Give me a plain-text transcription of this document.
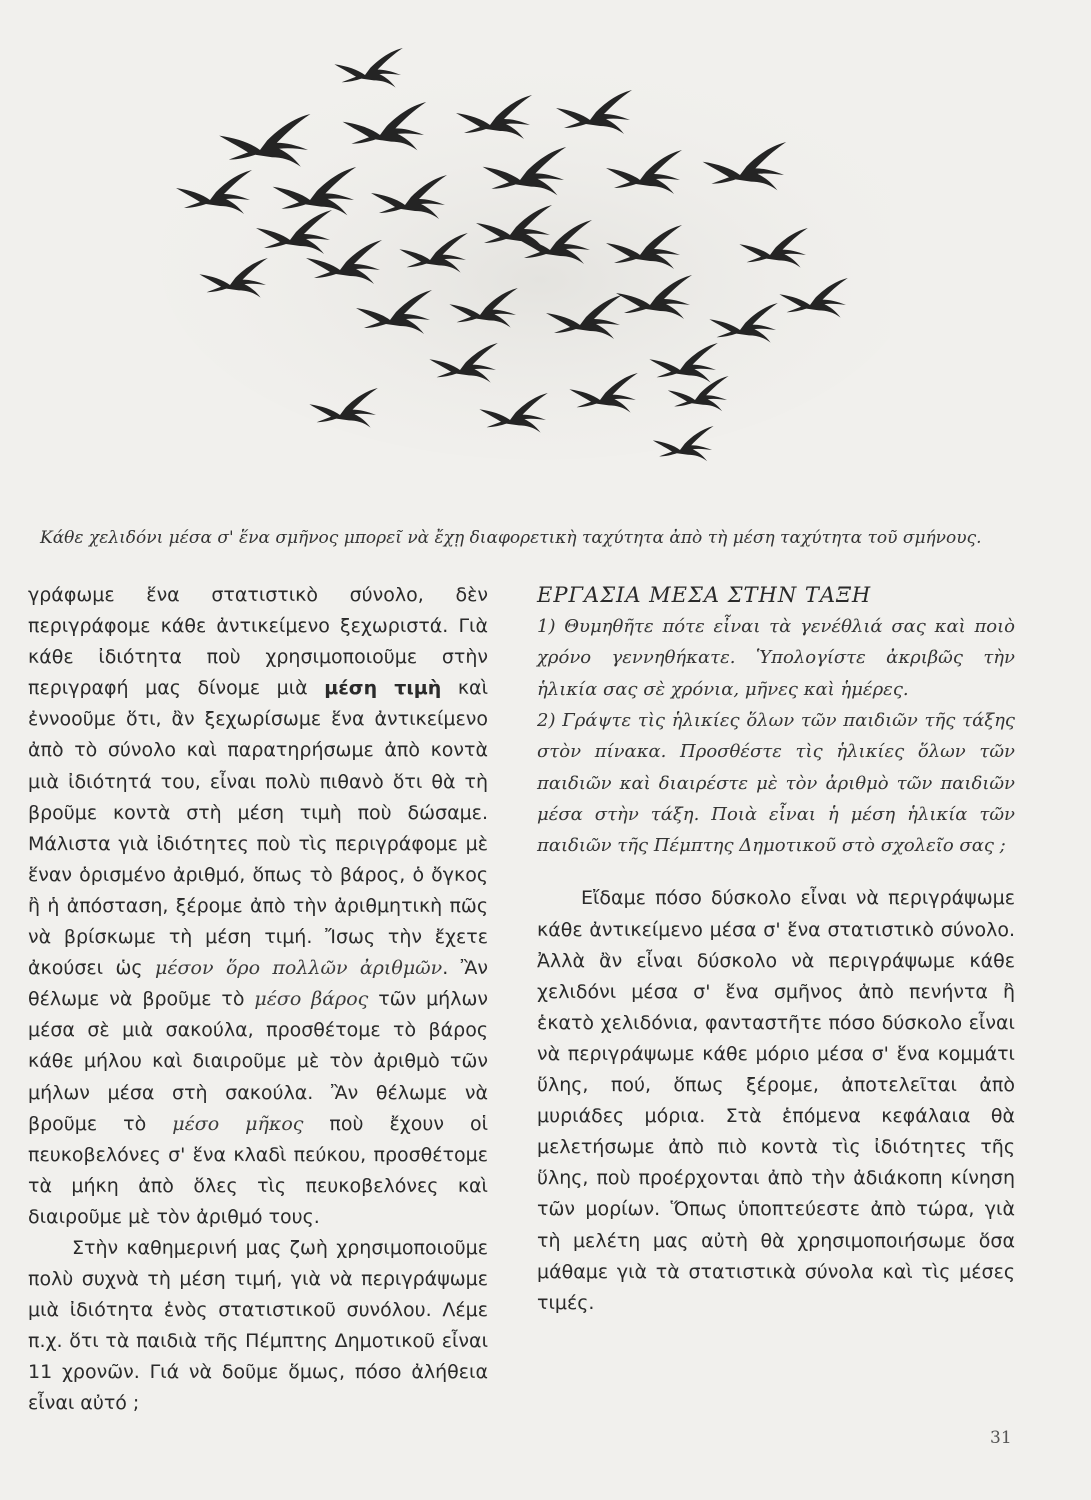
Κάθε χελιδόνι μέσα σ' ἕνα σμῆνος μπορεῖ νὰ ἔχῃ διαφορετικὴ ταχύτητα ἀπὸ τὴ μέση ταχύτητα τοῦ σμήνους.

γράφωμε ἕνα στατιστικὸ σύνολο, δὲν περιγράφομε κάθε ἀντικείμενο ξεχωριστά. Γιὰ κάθε ἰδιότητα ποὺ χρησιμοποιοῦμε στὴν περιγραφή μας δίνομε μιὰ μέση τιμὴ καὶ ἐννοοῦμε ὅτι, ἂν ξεχωρίσωμε ἕνα ἀντικείμενο ἀπὸ τὸ σύνολο καὶ παρατηρήσωμε ἀπὸ κοντὰ μιὰ ἰδιότητά του, εἶναι πολὺ πιθανὸ ὅτι θὰ τὴ βροῦμε κοντὰ στὴ μέση τιμὴ ποὺ δώσαμε. Μάλιστα γιὰ ἰδιότητες ποὺ τὶς περιγράφομε μὲ ἕναν ὁρισμένο ἀριθμό, ὅπως τὸ βάρος, ὁ ὄγκος ἢ ἡ ἀπόσταση, ξέρομε ἀπὸ τὴν ἀριθμητικὴ πῶς νὰ βρίσκωμε τὴ μέση τιμή. Ἴσως τὴν ἔχετε ἀκούσει ὡς μέσον ὅρο πολλῶν ἀριθμῶν. Ἂν θέλωμε νὰ βροῦμε τὸ μέσο βάρος τῶν μήλων μέσα σὲ μιὰ σακούλα, προσθέτομε τὸ βάρος κάθε μήλου καὶ διαιροῦμε μὲ τὸν ἀριθμὸ τῶν μήλων μέσα στὴ σακούλα. Ἂν θέλωμε νὰ βροῦμε τὸ μέσο μῆκος ποὺ ἔχουν οἱ πευκοβελόνες σ' ἕνα κλαδὶ πεύκου, προσθέτομε τὰ μήκη ἀπὸ ὅλες τὶς πευκοβελόνες καὶ διαιροῦμε μὲ τὸν ἀριθμό τους.

Στὴν καθημερινή μας ζωὴ χρησιμοποιοῦμε πολὺ συχνὰ τὴ μέση τιμή, γιὰ νὰ περιγράψωμε μιὰ ἰδιότητα ἑνὸς στατιστικοῦ συνόλου. Λέμε π.χ. ὅτι τὰ παιδιὰ τῆς Πέμπτης Δημοτικοῦ εἶναι 11 χρονῶν. Γιά νὰ δοῦμε ὅμως, πόσο ἀλήθεια εἶναι αὐτό ;

ΕΡΓΑΣΙΑ ΜΕΣΑ ΣΤΗΝ ΤΑΞΗ

1) Θυμηθῆτε πότε εἶναι τὰ γενέθλιά σας καὶ ποιὸ χρόνο γεννηθήκατε. Ὑπολογίστε ἀκριβῶς τὴν ἡλικία σας σὲ χρόνια, μῆνες καὶ ἡμέρες.

2) Γράψτε τὶς ἡλικίες ὅλων τῶν παιδιῶν τῆς τάξης στὸν πίνακα. Προσθέστε τὶς ἡλικίες ὅλων τῶν παιδιῶν καὶ διαιρέστε μὲ τὸν ἀριθμὸ τῶν παιδιῶν μέσα στὴν τάξη. Ποιὰ εἶναι ἡ μέση ἡλικία τῶν παιδιῶν τῆς Πέμπτης Δημοτικοῦ στὸ σχολεῖο σας ;

Εἴδαμε πόσο δύσκολο εἶναι νὰ περιγράψωμε κάθε ἀντικείμενο μέσα σ' ἕνα στατιστικὸ σύνολο. Ἀλλὰ ἂν εἶναι δύσκολο νὰ περιγράψωμε κάθε χελιδόνι μέσα σ' ἕνα σμῆνος ἀπὸ πενήντα ἢ ἑκατὸ χελιδόνια, φανταστῆτε πόσο δύσκολο εἶναι νὰ περιγράψωμε κάθε μόριο μέσα σ' ἕνα κομμάτι ὕλης, πού, ὅπως ξέρομε, ἀποτελεῖται ἀπὸ μυριάδες μόρια. Στὰ ἑπόμενα κεφάλαια θὰ μελετήσωμε ἀπὸ πιὸ κοντὰ τὶς ἰδιότητες τῆς ὕλης, ποὺ προέρχονται ἀπὸ τὴν ἀδιάκοπη κίνηση τῶν μορίων. Ὅπως ὑποπτεύεστε ἀπὸ τώρα, γιὰ τὴ μελέτη μας αὐτὴ θὰ χρησιμοποιήσωμε ὅσα μάθαμε γιὰ τὰ στατιστικὰ σύνολα καὶ τὶς μέσες τιμές.

31
